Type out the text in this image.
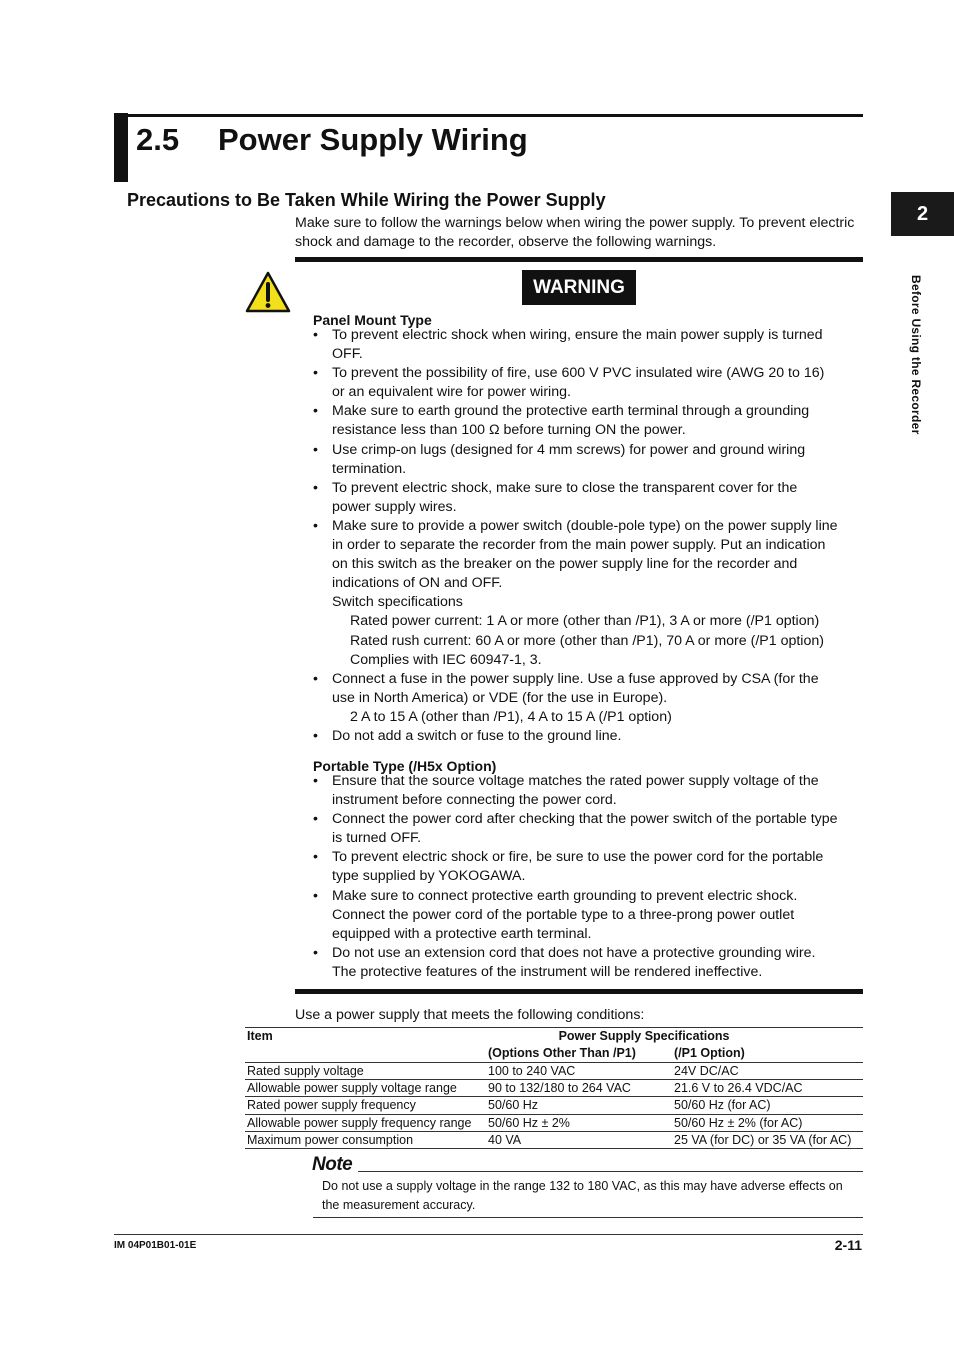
2.5 Power Supply Wiring
2
Before Using the Recorder
Precautions to Be Taken While Wiring the Power Supply
Make sure to follow the warnings below when wiring the power supply. To prevent electric
shock and damage to the recorder, observe the following warnings.
WARNING
Panel Mount Type
• To prevent electric shock when wiring, ensure the main power supply is turned
OFF.
• To prevent the possibility of fire, use 600 V PVC insulated wire (AWG 20 to 16)
or an equivalent wire for power wiring.
• Make sure to earth ground the protective earth terminal through a grounding
resistance less than 100 Ω before turning ON the power.
• Use crimp-on lugs (designed for 4 mm screws) for power and ground wiring
termination.
• To prevent electric shock, make sure to close the transparent cover for the
power supply wires.
• Make sure to provide a power switch (double-pole type) on the power supply line
in order to separate the recorder from the main power supply. Put an indication
on this switch as the breaker on the power supply line for the recorder and
indications of ON and OFF.
Switch specifications
Rated power current: 1 A or more (other than /P1), 3 A or more (/P1 option)
Rated rush current: 60 A or more (other than /P1), 70 A or more (/P1 option)
Complies with IEC 60947-1, 3.
• Connect a fuse in the power supply line. Use a fuse approved by CSA (for the
use in North America) or VDE (for the use in Europe).
2 A to 15 A (other than /P1), 4 A to 15 A (/P1 option)
• Do not add a switch or fuse to the ground line.
Portable Type (/H5x Option)
• Ensure that the source voltage matches the rated power supply voltage of the
instrument before connecting the power cord.
• Connect the power cord after checking that the power switch of the portable type
is turned OFF.
• To prevent electric shock or fire, be sure to use the power cord for the portable
type supplied by YOKOGAWA.
• Make sure to connect protective earth grounding to prevent electric shock.
Connect the power cord of the portable type to a three-prong power outlet
equipped with a protective earth terminal.
• Do not use an extension cord that does not have a protective grounding wire.
The protective features of the instrument will be rendered ineffective.
Use a power supply that meets the following conditions:
Item	Power Supply Specifications
(Options Other Than /P1)	(/P1 Option)
Rated supply voltage	100 to 240 VAC	24V DC/AC
Allowable power supply voltage range 90 to 132/180 to 264 VAC	21.6 V to 26.4 VDC/AC
Rated power supply frequency	50/60 Hz	50/60 Hz (for AC)
Allowable power supply frequency range 50/60 Hz ± 2%	50/60 Hz ± 2% (for AC)
Maximum power consumption	40 VA	25 VA (for DC) or 35 VA (for AC)
Note
Do not use a supply voltage in the range 132 to 180 VAC, as this may have adverse effects on
the measurement accuracy.
IM 04P01B01-01E	2-11
